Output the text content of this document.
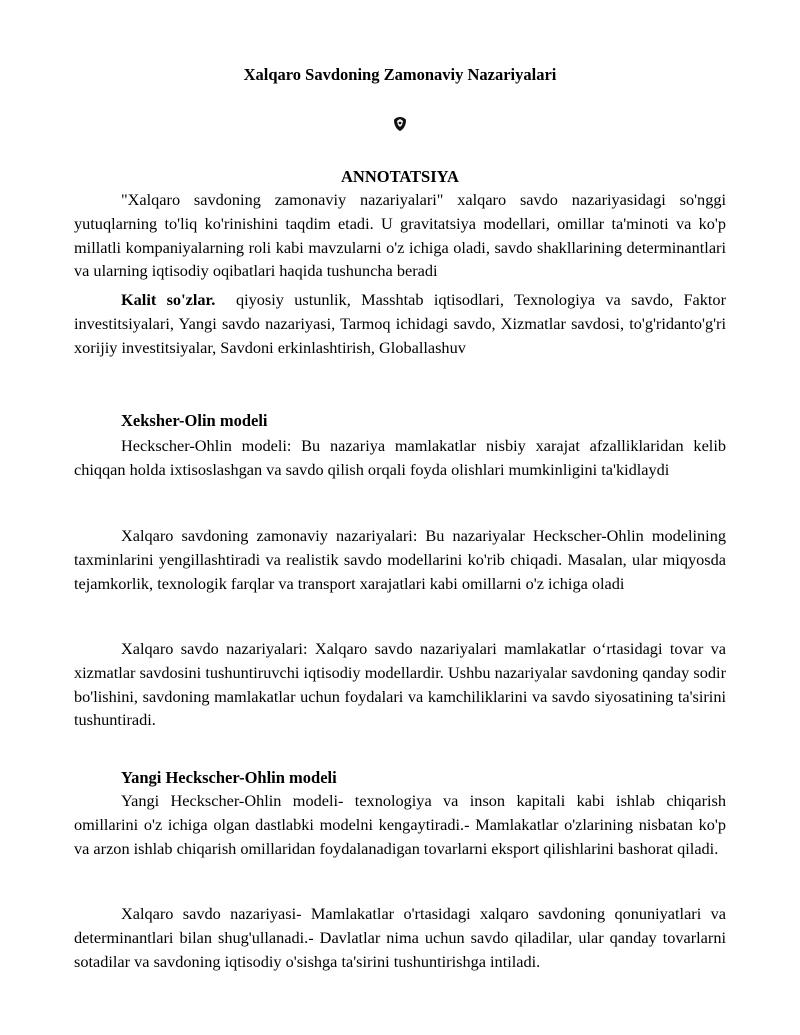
Xalqaro Savdoning Zamonaviy Nazariyalari
ANNOTATSIYA

"Xalqaro savdoning zamonaviy nazariyalari" xalqaro savdo nazariyasidagi so'nggi yutuqlarning to'liq ko'rinishini taqdim etadi. U gravitatsiya modellari, omillar ta'minoti va ko'p millatli kompaniyalarning roli kabi mavzularni o'z ichiga oladi, savdo shakllarining determinantlari va ularning iqtisodiy oqibatlari haqida tushuncha beradi

Kalit so'zlar. qiyosiy ustunlik, Masshtab iqtisodlari, Texnologiya va savdo, Faktor investitsiyalari, Yangi savdo nazariyasi, Tarmoq ichidagi savdo, Xizmatlar savdosi, to'g'ridanto'g'ri xorijiy investitsiyalar, Savdoni erkinlashtirish, Globallashuv

Xeksher-Olin modeli

Heckscher-Ohlin modeli: Bu nazariya mamlakatlar nisbiy xarajat afzalliklaridan kelib chiqqan holda ixtisoslashgan va savdo qilish orqali foyda olishlari mumkinligini ta'kidlaydi

Xalqaro savdoning zamonaviy nazariyalari: Bu nazariyalar Heckscher-Ohlin modelining taxminlarini yengillashtiradi va realistik savdo modellarini ko'rib chiqadi. Masalan, ular miqyosda tejamkorlik, texnologik farqlar va transport xarajatlari kabi omillarni o'z ichiga oladi

Xalqaro savdo nazariyalari: Xalqaro savdo nazariyalari mamlakatlar oʻrtasidagi tovar va xizmatlar savdosini tushuntiruvchi iqtisodiy modellardir. Ushbu nazariyalar savdoning qanday sodir bo'lishini, savdoning mamlakatlar uchun foydalari va kamchiliklarini va savdo siyosatining ta'sirini tushuntiradi.

Yangi Heckscher-Ohlin modeli

Yangi Heckscher-Ohlin modeli- texnologiya va inson kapitali kabi ishlab chiqarish omillarini o'z ichiga olgan dastlabki modelni kengaytiradi.- Mamlakatlar o'zlarining nisbatan ko'p va arzon ishlab chiqarish omillaridan foydalanadigan tovarlarni eksport qilishlarini bashorat qiladi.

Xalqaro savdo nazariyasi- Mamlakatlar o'rtasidagi xalqaro savdoning qonuniyatlari va determinantlari bilan shug'ullanadi.- Davlatlar nima uchun savdo qiladilar, ular qanday tovarlarni sotadilar va savdoning iqtisodiy o'sishga ta'sirini tushuntirishga intiladi.
